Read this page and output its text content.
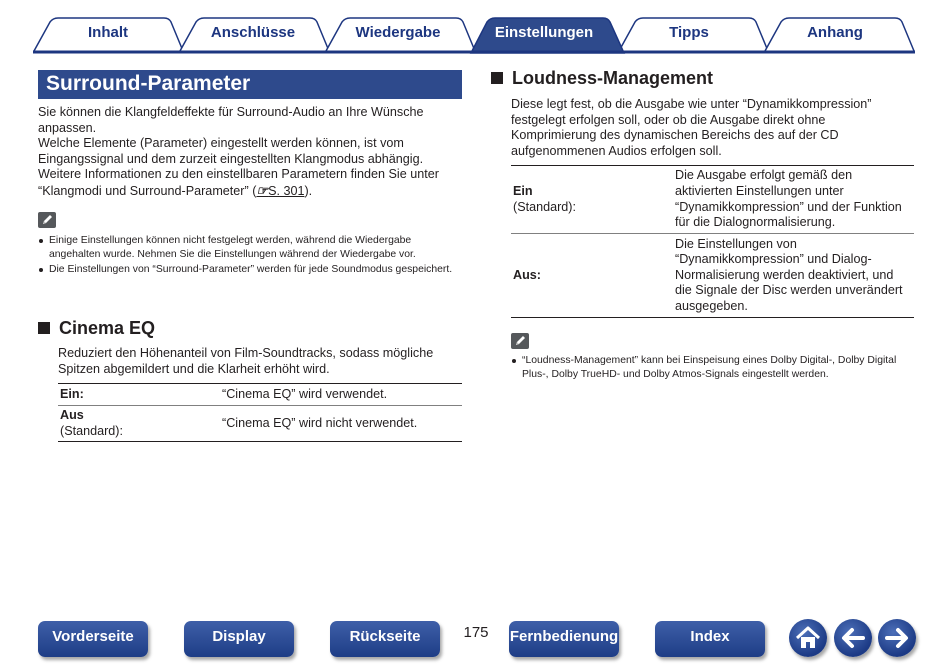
Inhalt	Anschlüsse	Wiedergabe	Einstellungen	Tipps	Anhang
Surround-Parameter
Sie können die Klangfeldeffekte für Surround-Audio an Ihre Wünsche anpassen.
Welche Elemente (Parameter) eingestellt werden können, ist vom Eingangssignal und dem zurzeit eingestellten Klangmodus abhängig.
Weitere Informationen zu den einstellbaren Parametern finden Sie unter “Klangmodi und Surround-Parameter” (☞S. 301).
Einige Einstellungen können nicht festgelegt werden, während die Wiedergabe angehalten wurde. Nehmen Sie die Einstellungen während der Wiedergabe vor.
Die Einstellungen von “Surround-Parameter” werden für jede Soundmodus gespeichert.
Cinema EQ
Reduziert den Höhenanteil von Film-Soundtracks, sodass mögliche Spitzen abgemildert und die Klarheit erhöht wird.
Ein:	“Cinema EQ” wird verwendet.

Aus
(Standard):	“Cinema EQ” wird nicht verwendet.
Loudness-Management
Diese legt fest, ob die Ausgabe wie unter “Dynamikkompression” festgelegt erfolgen soll, oder ob die Ausgabe direkt ohne Komprimierung des dynamischen Bereichs des auf der CD aufgenommenen Audios erfolgen soll.
Ein
(Standard):	Die Ausgabe erfolgt gemäß den aktivierten Einstellungen unter “Dynamikkompression” und der Funktion für die Dialognormalisierung.
Aus:	Die Einstellungen von “Dynamikkompression” und Dialog-Normalisierung werden deaktiviert, und die Signale der Disc werden unverändert ausgegeben.
“Loudness-Management” kann bei Einspeisung eines Dolby Digital-, Dolby Digital Plus-, Dolby TrueHD- und Dolby Atmos-Signals eingestellt werden.
Vorderseite	Display	Rückseite	175	Fernbedienung	Index
